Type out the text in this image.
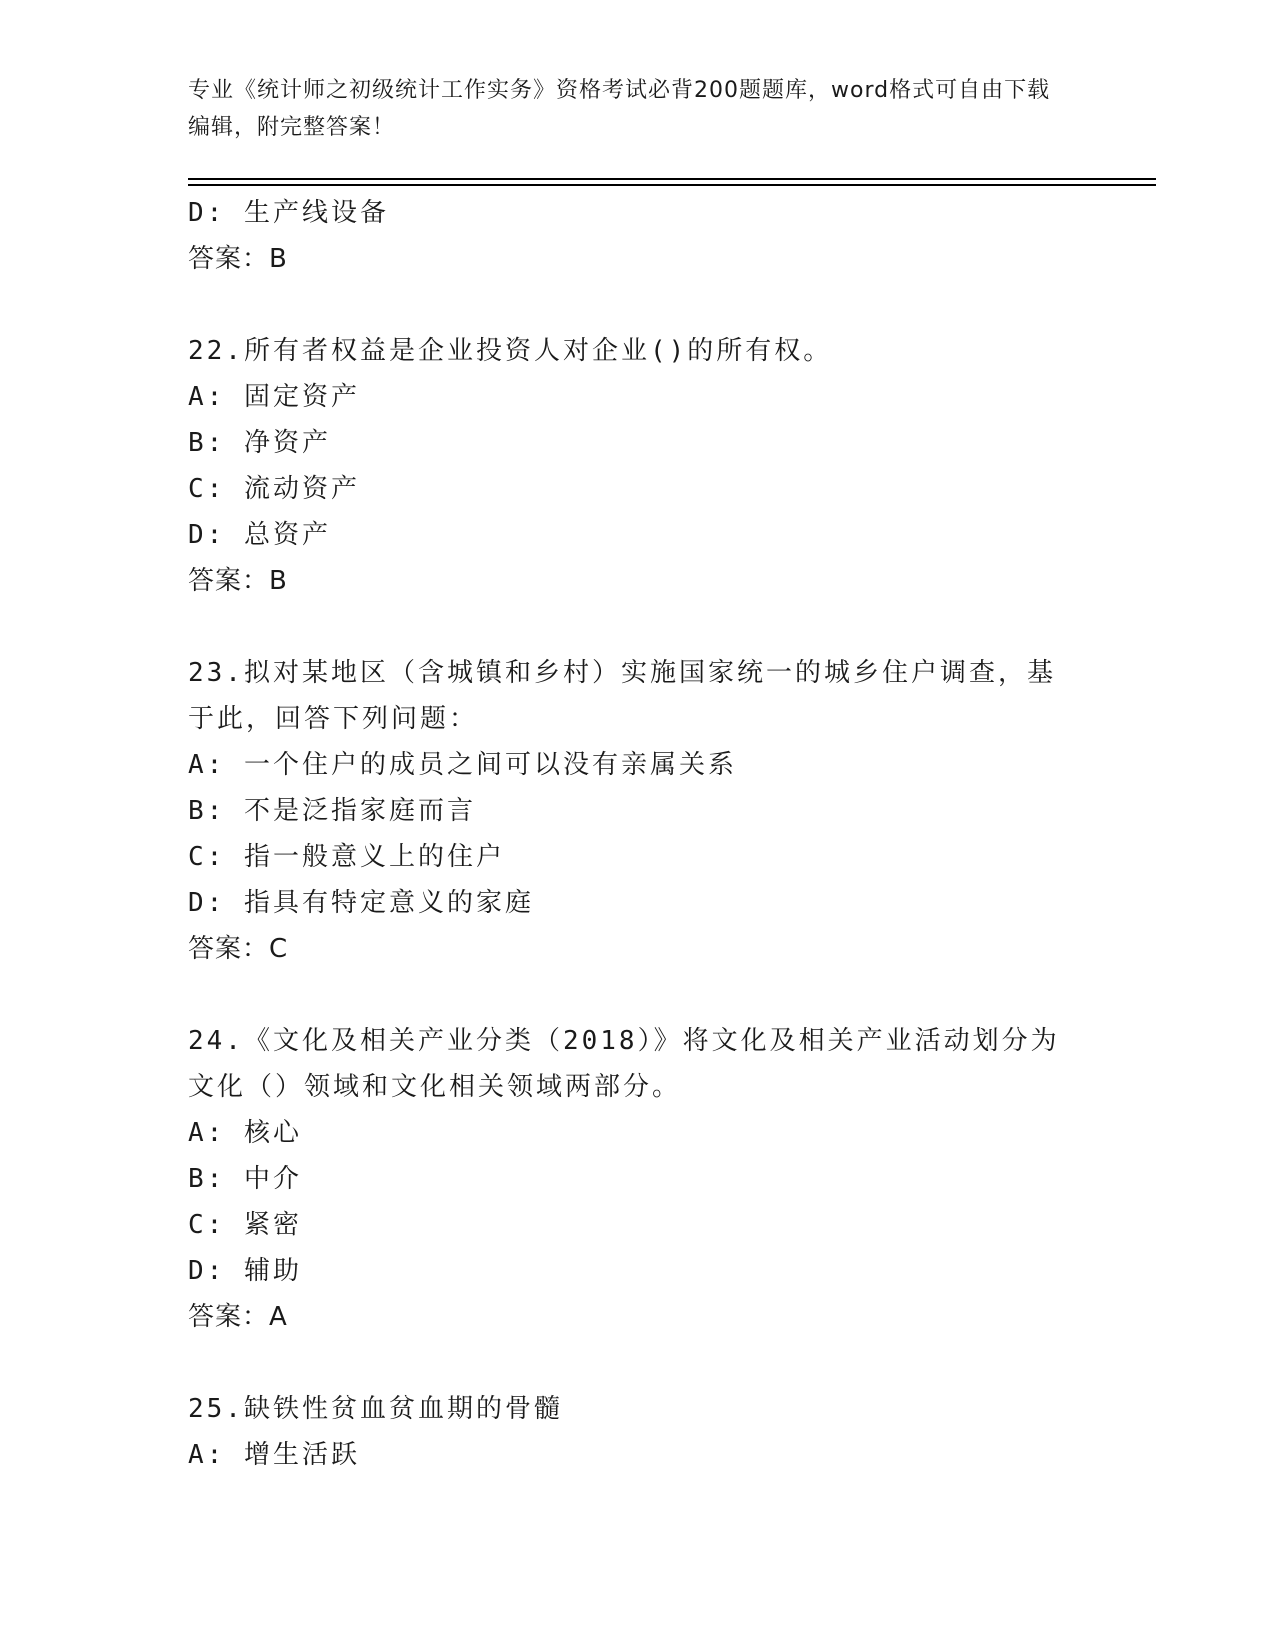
专业《统计师之初级统计工作实务》资格考试必背200题题库，word格式可自由下载编辑，附完整答案！
D: 生产线设备
答案：B
22.所有者权益是企业投资人对企业()的所有权。
A: 固定资产
B: 净资产
C: 流动资产
D: 总资产
答案：B
23.拟对某地区（含城镇和乡村）实施国家统一的城乡住户调查，基于此，回答下列问题：
A: 一个住户的成员之间可以没有亲属关系
B: 不是泛指家庭而言
C: 指一般意义上的住户
D: 指具有特定意义的家庭
答案：C
24.《文化及相关产业分类（2018）》将文化及相关产业活动划分为文化（）领域和文化相关领域两部分。
A: 核心
B: 中介
C: 紧密
D: 辅助
答案：A
25.缺铁性贫血贫血期的骨髓
A: 增生活跃
